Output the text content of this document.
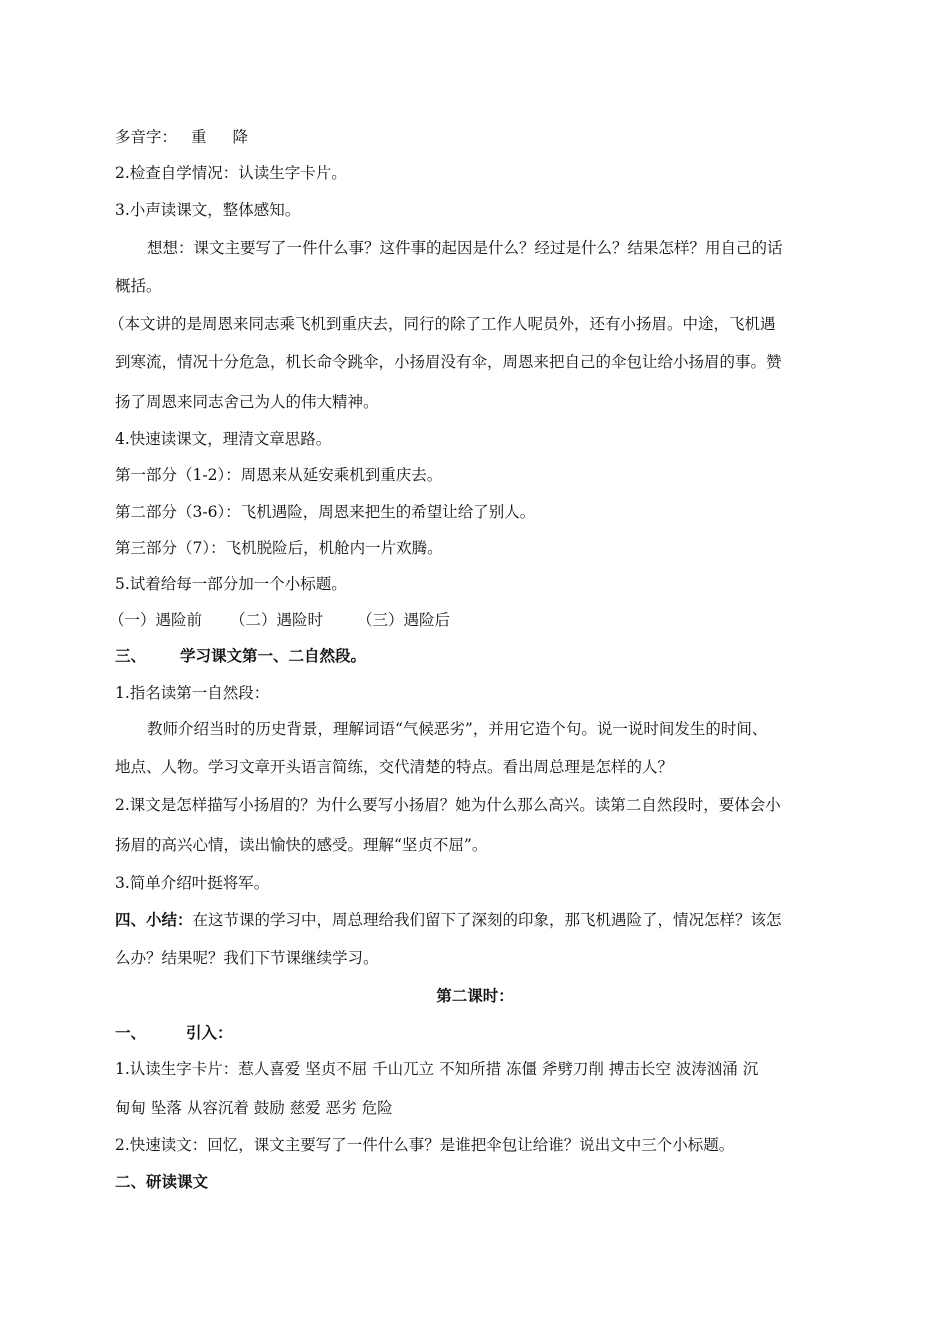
多音字： 重 降
2.检查自学情况：认读生字卡片。
3.小声读课文，整体感知。
想想：课文主要写了一件什么事？这件事的起因是什么？经过是什么？结果怎样？用自己的话
概括。
（本文讲的是周恩来同志乘飞机到重庆去，同行的除了工作人呢员外，还有小扬眉。中途，飞机遇
到寒流，情况十分危急，机长命令跳伞，小扬眉没有伞，周恩来把自己的伞包让给小扬眉的事。赞
扬了周恩来同志舍己为人的伟大精神。
4.快速读课文，理清文章思路。
第一部分（1-2）：周恩来从延安乘机到重庆去。
第二部分（3-6）：飞机遇险，周恩来把生的希望让给了别人。
第三部分（7）：飞机脱险后，机舱内一片欢腾。
5.试着给每一部分加一个小标题。
（一）遇险前 （二）遇险时 （三）遇险后
三、 学习课文第一、二自然段。
1.指名读第一自然段：
教师介绍当时的历史背景，理解词语“气候恶劣”，并用它造个句。说一说时间发生的时间、
地点、人物。学习文章开头语言简练，交代清楚的特点。看出周总理是怎样的人？
2.课文是怎样描写小扬眉的？为什么要写小扬眉？她为什么那么高兴。读第二自然段时，要体会小
扬眉的高兴心情，读出愉快的感受。理解“坚贞不屈”。
3.简单介绍叶挺将军。
四、小结：在这节课的学习中，周总理给我们留下了深刻的印象，那飞机遇险了，情况怎样？该怎
么办？结果呢？我们下节课继续学习。
第二课时：
一、	引入：
1.认读生字卡片：惹人喜爱 坚贞不屈 千山兀立 不知所措 冻僵 斧劈刀削 搏击长空 波涛汹涌 沉
甸甸 坠落 从容沉着 鼓励 慈爱 恶劣 危险
2.快速读文：回忆，课文主要写了一件什么事？是谁把伞包让给谁？说出文中三个小标题。
二、研读课文
